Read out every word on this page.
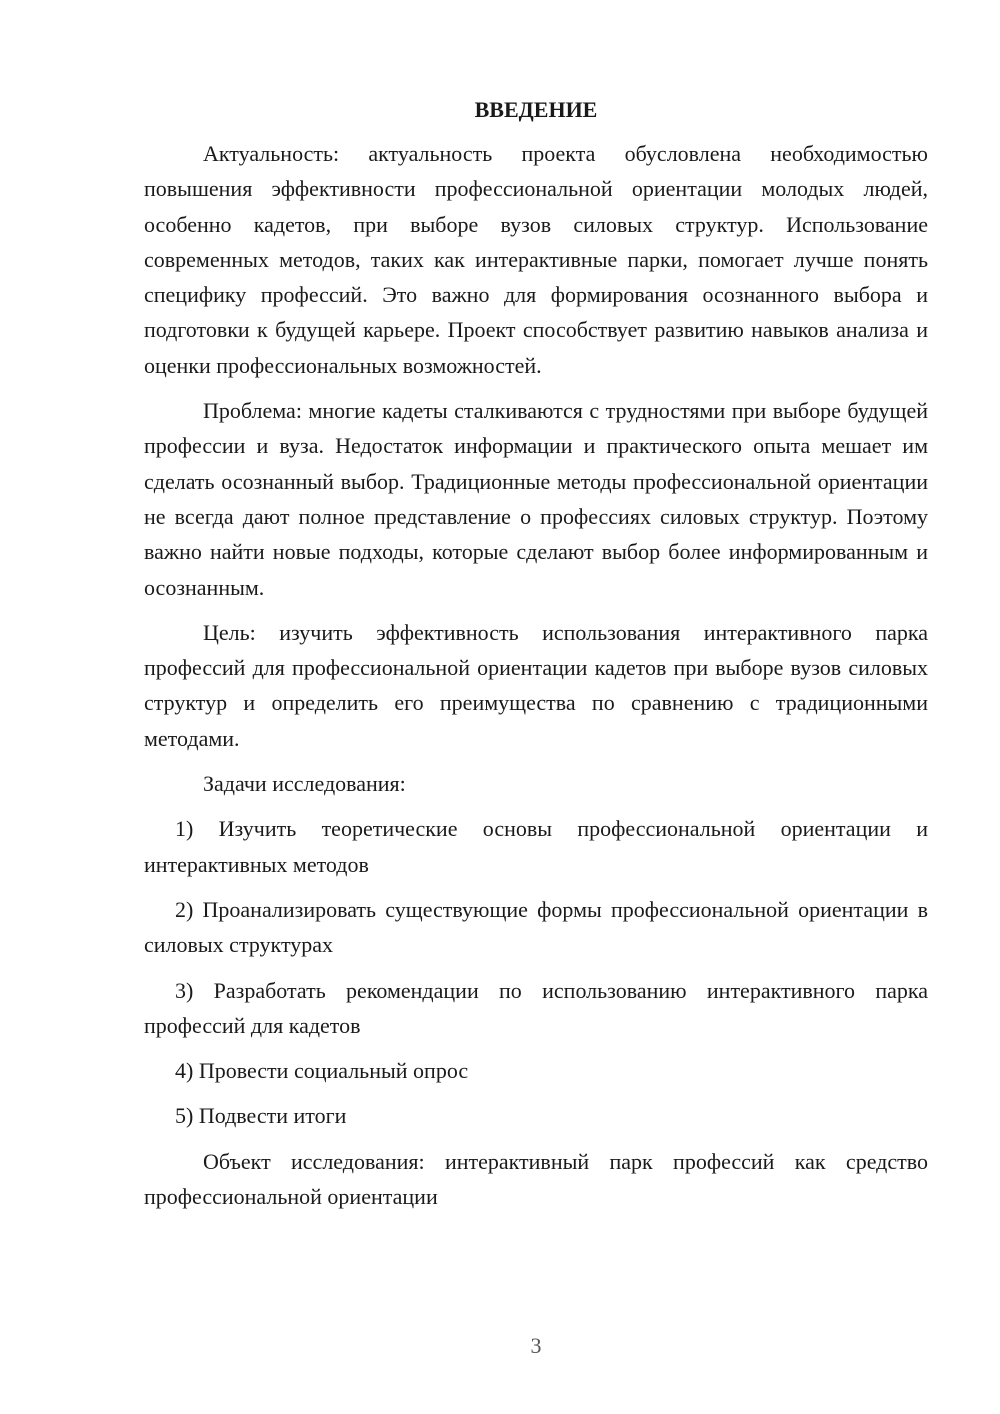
ВВЕДЕНИЕ

Актуальность: актуальность проекта обусловлена необходимостью повышения эффективности профессиональной ориентации молодых людей, особенно кадетов, при выборе вузов силовых структур. Использование современных методов, таких как интерактивные парки, помогает лучше понять специфику профессий. Это важно для формирования осознанного выбора и подготовки к будущей карьере. Проект способствует развитию навыков анализа и оценки профессиональных возможностей.

Проблема: многие кадеты сталкиваются с трудностями при выборе будущей профессии и вуза. Недостаток информации и практического опыта мешает им сделать осознанный выбор. Традиционные методы профессиональной ориентации не всегда дают полное представление о профессиях силовых структур. Поэтому важно найти новые подходы, которые сделают выбор более информированным и осознанным.

Цель: изучить эффективность использования интерактивного парка профессий для профессиональной ориентации кадетов при выборе вузов силовых структур и определить его преимущества по сравнению с традиционными методами.

Задачи исследования:

1) Изучить теоретические основы профессиональной ориентации и интерактивных методов

2) Проанализировать существующие формы профессиональной ориентации в силовых структурах

3) Разработать рекомендации по использованию интерактивного парка профессий для кадетов

4) Провести социальный опрос

5) Подвести итоги

Объект исследования: интерактивный парк профессий как средство профессиональной ориентации

3
